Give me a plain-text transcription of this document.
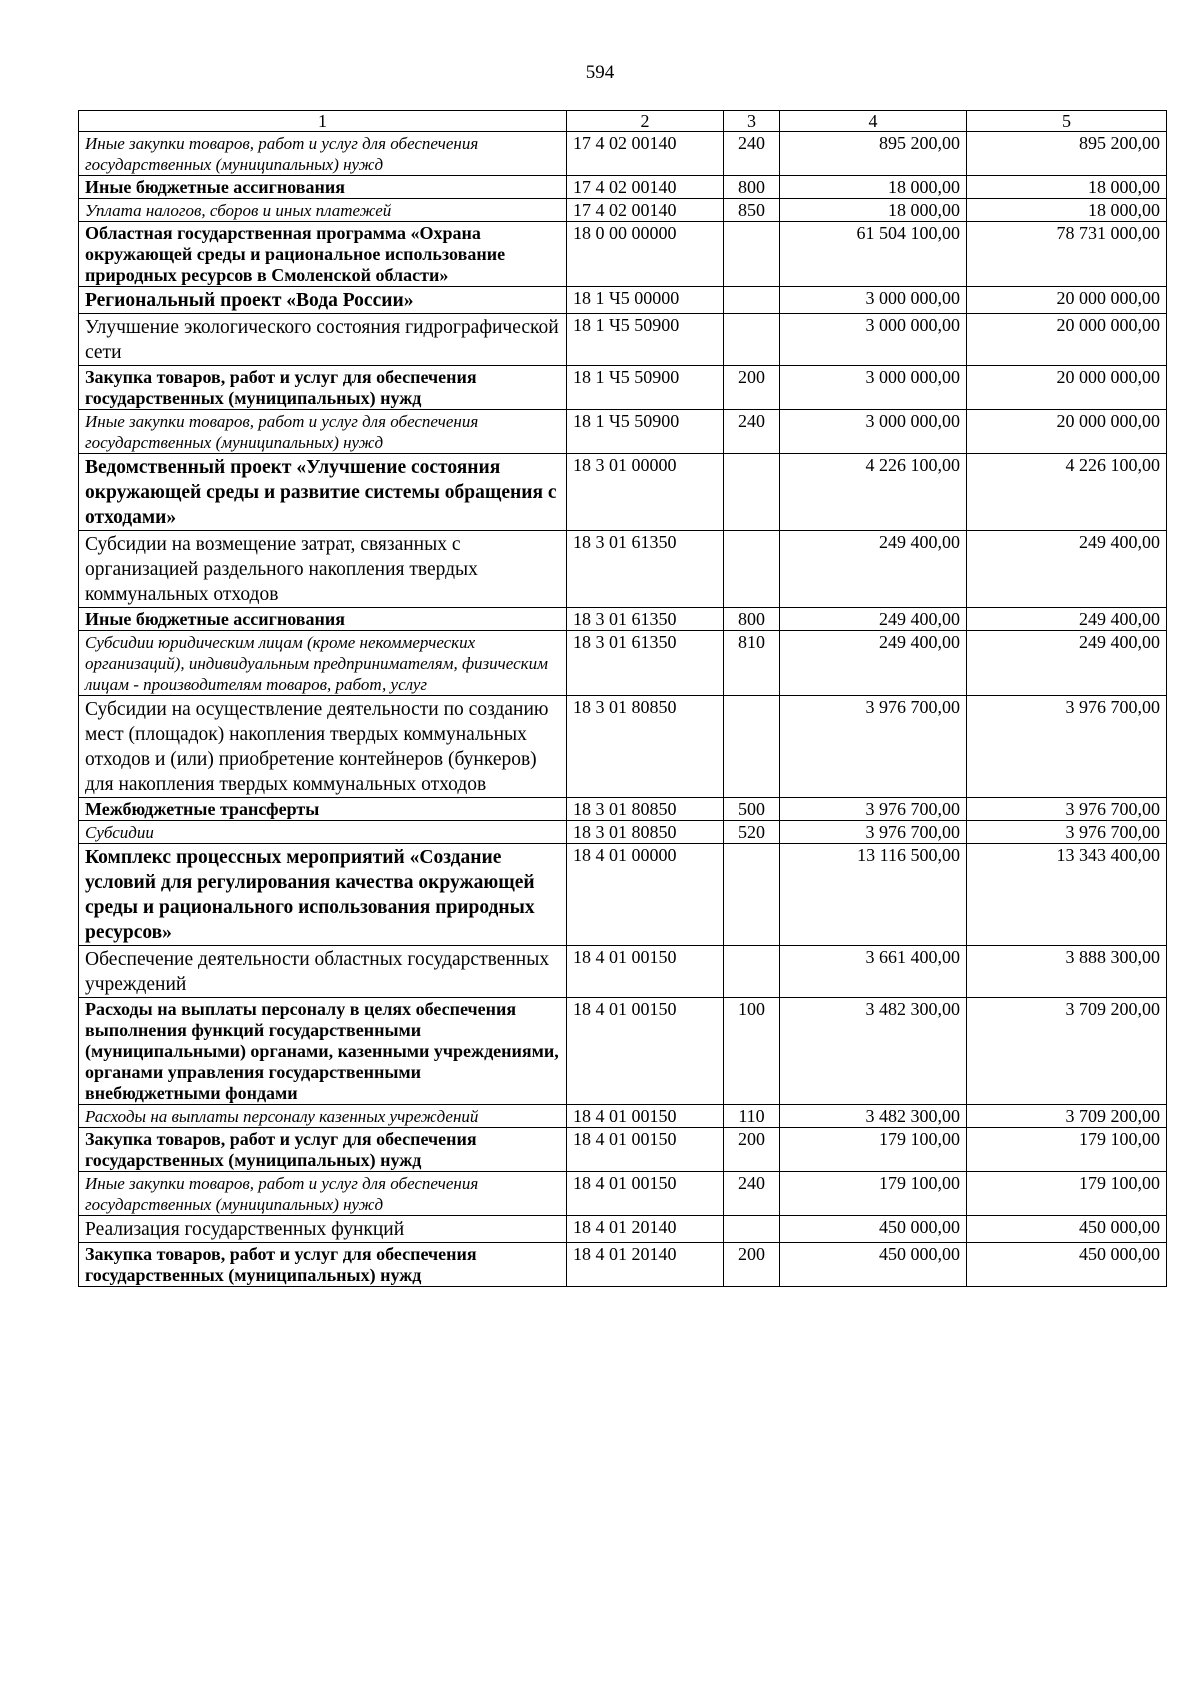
594
1	2	3	4	5
Иные закупки товаров, работ и услуг для обеспечения государственных (муниципальных) нужд	17 4 02 00140	240	895 200,00	895 200,00
Иные бюджетные ассигнования	17 4 02 00140	800	18 000,00	18 000,00
Уплата налогов, сборов и иных платежей	17 4 02 00140	850	18 000,00	18 000,00
Областная государственная программа «Охрана окружающей среды и рациональное использование природных ресурсов в Смоленской области»	18 0 00 00000		61 504 100,00	78 731 000,00
Региональный проект «Вода России»	18 1 Ч5 00000		3 000 000,00	20 000 000,00
Улучшение экологического состояния гидрографической сети	18 1 Ч5 50900		3 000 000,00	20 000 000,00
Закупка товаров, работ и услуг для обеспечения государственных (муниципальных) нужд	18 1 Ч5 50900	200	3 000 000,00	20 000 000,00
Иные закупки товаров, работ и услуг для обеспечения государственных (муниципальных) нужд	18 1 Ч5 50900	240	3 000 000,00	20 000 000,00
Ведомственный проект «Улучшение состояния окружающей среды и развитие системы обращения с отходами»	18 3 01 00000		4 226 100,00	4 226 100,00
Субсидии на возмещение затрат, связанных с организацией раздельного накопления твердых коммунальных отходов	18 3 01 61350		249 400,00	249 400,00
Иные бюджетные ассигнования	18 3 01 61350	800	249 400,00	249 400,00
Субсидии юридическим лицам (кроме некоммерческих организаций), индивидуальным предпринимателям, физическим лицам - производителям товаров, работ, услуг	18 3 01 61350	810	249 400,00	249 400,00
Субсидии на осуществление деятельности по созданию мест (площадок) накопления твердых коммунальных отходов и (или) приобретение контейнеров (бункеров) для накопления твердых коммунальных отходов	18 3 01 80850		3 976 700,00	3 976 700,00
Межбюджетные трансферты	18 3 01 80850	500	3 976 700,00	3 976 700,00
Субсидии	18 3 01 80850	520	3 976 700,00	3 976 700,00
Комплекс процессных мероприятий «Создание условий для регулирования качества окружающей среды и рационального использования природных ресурсов»	18 4 01 00000		13 116 500,00	13 343 400,00
Обеспечение деятельности областных государственных учреждений	18 4 01 00150		3 661 400,00	3 888 300,00
Расходы на выплаты персоналу в целях обеспечения выполнения функций государственными (муниципальными) органами, казенными учреждениями, органами управления государственными внебюджетными фондами	18 4 01 00150	100	3 482 300,00	3 709 200,00
Расходы на выплаты персоналу казенных учреждений	18 4 01 00150	110	3 482 300,00	3 709 200,00
Закупка товаров, работ и услуг для обеспечения государственных (муниципальных) нужд	18 4 01 00150	200	179 100,00	179 100,00
Иные закупки товаров, работ и услуг для обеспечения государственных (муниципальных) нужд	18 4 01 00150	240	179 100,00	179 100,00
Реализация государственных функций	18 4 01 20140		450 000,00	450 000,00
Закупка товаров, работ и услуг для обеспечения государственных (муниципальных) нужд	18 4 01 20140	200	450 000,00	450 000,00
